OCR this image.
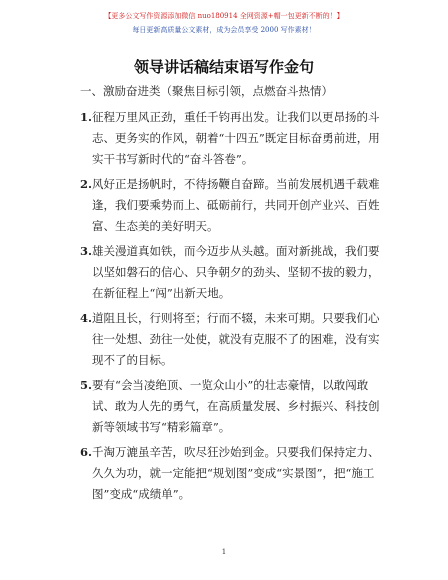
【更多公文写作资源添加微信 nuo180914 全网资源+帽一包更新不断的！】
每日更新高质量公文素材，成为会员享受 2000 写作素材！
领导讲话稿结束语写作金句
一、激励奋进类（聚焦目标引领，点燃奋斗热情）
1.征程万里风正劲，重任千钧再出发。让我们以更昂扬的斗志、更务实的作风，朝着“十四五”既定目标奋勇前进，用实干书写新时代的“奋斗答卷”。
2.风好正是扬帆时，不待扬鞭自奋蹄。当前发展机遇千载难逢，我们要乘势而上、砥砺前行，共同开创产业兴、百姓富、生态美的美好明天。
3.雄关漫道真如铁，而今迈步从头越。面对新挑战，我们要以坚如磐石的信心、只争朝夕的劲头、坚韧不拔的毅力，在新征程上“闯”出新天地。
4.道阻且长，行则将至；行而不辍，未来可期。只要我们心往一处想、劲往一处使，就没有克服不了的困难，没有实现不了的目标。
5.要有“会当凌绝顶、一览众山小”的壮志豪情，以敢闯敢试、敢为人先的勇气，在高质量发展、乡村振兴、科技创新等领域书写“精彩篇章”。
6.千淘万漉虽辛苦，吹尽狂沙始到金。只要我们保持定力、久久为功，就一定能把“规划图”变成“实景图”，把“施工图”变成“成绩单”。
1
